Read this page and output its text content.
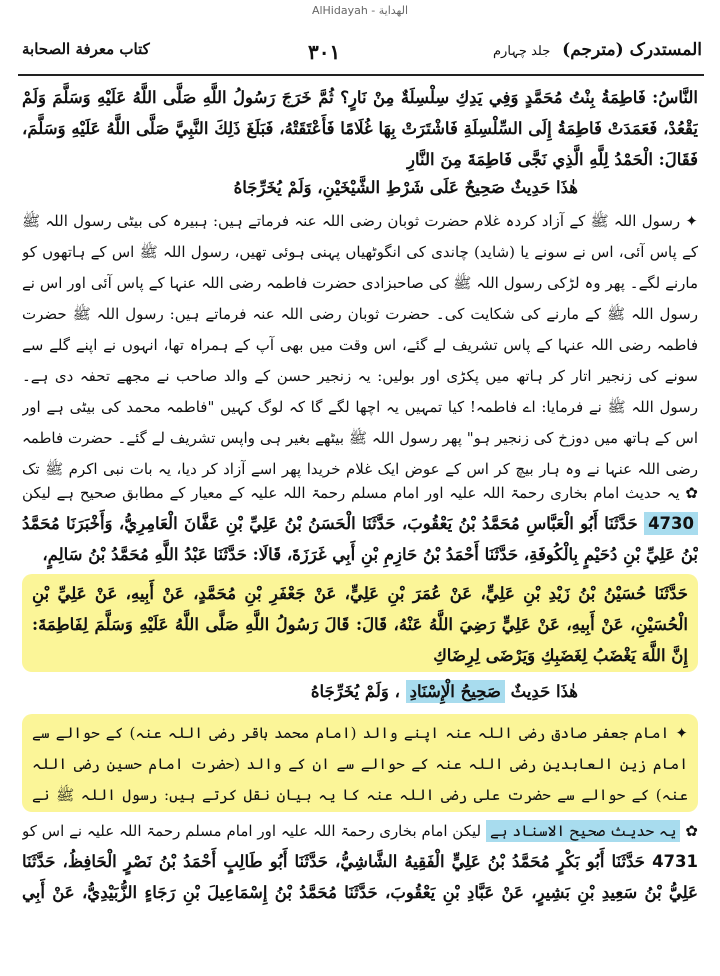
AlHidayah - الهداية
المستدرک (مترجم) جلد چہارم
۳۰۱
کتاب معرفة الصحابة

النَّاسُ: فَاطِمَةُ بِنْتُ مُحَمَّدٍ وَفِي يَدِكِ سِلْسِلَةٌ مِنْ نَارٍ؟ ثُمَّ خَرَجَ رَسُولُ اللَّهِ صَلَّى اللَّهُ عَلَيْهِ وَسَلَّمَ وَلَمْ يَقْعُدْ، فَعَمَدَتْ فَاطِمَةُ إِلَى السِّلْسِلَةِ فَاشْتَرَتْ بِهَا غُلَامًا فَأَعْتَقَتْهُ، فَبَلَغَ ذَلِكَ النَّبِيَّ صَلَّى اللَّهُ عَلَيْهِ وَسَلَّمَ، فَقَالَ: الْحَمْدُ لِلَّهِ الَّذِي نَجَّى فَاطِمَةَ مِنَ النَّارِ

هٰذَا حَدِيثٌ صَحِيحٌ عَلَى شَرْطِ الشَّيْخَيْنِ، وَلَمْ يُخَرِّجَاهُ

✦ رسول اللہ ﷺ کے آزاد کردہ غلام حضرت ثوبان رضی اللہ عنہ فرماتے ہیں: ہبیرہ کی بیٹی رسول اللہ ﷺ کے پاس آئی، اس نے سونے یا (شاید) چاندی کی انگوٹھیاں پہنی ہوئی تھیں، رسول اللہ ﷺ اس کے ہاتھوں کو مارنے لگے۔ پھر وہ لڑکی رسول اللہ ﷺ کی صاحبزادی حضرت فاطمہ رضی اللہ عنہا کے پاس آئی اور اس نے رسول اللہ ﷺ کے مارنے کی شکایت کی۔ حضرت ثوبان رضی اللہ عنہ فرماتے ہیں: رسول اللہ ﷺ حضرت فاطمہ رضی اللہ عنہا کے پاس تشریف لے گئے، اس وقت میں بھی آپ کے ہمراہ تھا، انہوں نے اپنے گلے سے سونے کی زنجیر اتار کر ہاتھ میں پکڑی اور بولیں: یہ زنجیر حسن کے والد صاحب نے مجھے تحفہ دی ہے۔ رسول اللہ ﷺ نے فرمایا: اے فاطمہ! کیا تمہیں یہ اچھا لگے گا کہ لوگ کہیں "فاطمہ محمد کی بیٹی ہے اور اس کے ہاتھ میں دوزخ کی زنجیر ہو" پھر رسول اللہ ﷺ بیٹھے بغیر ہی واپس تشریف لے گئے۔ حضرت فاطمہ رضی اللہ عنہا نے وہ ہار بیچ کر اس کے عوض ایک غلام خریدا پھر اسے آزاد کر دیا، یہ بات نبی اکرم ﷺ تک

✿ یہ حدیث امام بخاری رحمۃ اللہ علیہ اور امام مسلم رحمۃ اللہ علیہ کے معیار کے مطابق صحیح ہے لیکن

4730 حَدَّثَنَا أَبُو الْعَبَّاسِ مُحَمَّدُ بْنُ يَعْقُوبَ، حَدَّثَنَا الْحَسَنُ بْنُ عَلِيِّ بْنِ عَفَّانَ الْعَامِرِيُّ، وَأَخْبَرَنَا مُحَمَّدُ بْنُ عَلِيِّ بْنِ دُحَيْمٍ بِالْكُوفَةِ، حَدَّثَنَا أَحْمَدُ بْنُ حَازِمِ بْنِ أَبِي غَرَزَةَ، قَالَا: حَدَّثَنَا عَبْدُ اللَّهِ مُحَمَّدُ بْنُ سَالِمٍ،

حَدَّثَنَا حُسَيْنُ بْنُ زَيْدِ بْنِ عَلِيٍّ، عَنْ عُمَرَ بْنِ عَلِيٍّ، عَنْ جَعْفَرِ بْنِ مُحَمَّدٍ، عَنْ أَبِيهِ، عَنْ عَلِيِّ بْنِ الْحُسَيْنِ، عَنْ أَبِيهِ، عَنْ عَلِيٍّ رَضِيَ اللَّهُ عَنْهُ، قَالَ: قَالَ رَسُولُ اللَّهِ صَلَّى اللَّهُ عَلَيْهِ وَسَلَّمَ لِفَاطِمَةَ: إِنَّ اللَّهَ يَغْضَبُ لِغَضَبِكِ وَيَرْضَى لِرِضَاكِ

هٰذَا حَدِيثٌ صَحِيحُ الْإِسْنَادِ ، وَلَمْ يُخَرِّجَاهُ

✦ امام جعفر صادق رضی اللہ عنہ اپنے والد (امام محمد باقر رضی اللہ عنہ) کے حوالے سے امام زین العابدین رضی اللہ عنہ کے حوالے سے ان کے والد (حضرت امام حسین رضی اللہ عنہ) کے حوالے سے حضرت علی رضی اللہ عنہ کا یہ بیان نقل کرتے ہیں: رسول اللہ ﷺ نے

✿ یہ حدیث صحیح الاسناد ہے لیکن امام بخاری رحمۃ اللہ علیہ اور امام مسلم رحمۃ اللہ علیہ نے اس کو

4731 حَدَّثَنَا أَبُو بَكْرٍ مُحَمَّدُ بْنُ عَلِيٍّ الْفَقِيهُ الشَّاشِيُّ، حَدَّثَنَا أَبُو طَالِبٍ أَحْمَدُ بْنُ نَصْرٍ الْحَافِظُ، حَدَّثَنَا عَلِيُّ بْنُ سَعِيدِ بْنِ بَشِيرٍ، عَنْ عَبَّادِ بْنِ يَعْقُوبَ، حَدَّثَنَا مُحَمَّدُ بْنُ إِسْمَاعِيلَ بْنِ رَجَاءٍ الزُّبَيْدِيُّ، عَنْ أَبِي
